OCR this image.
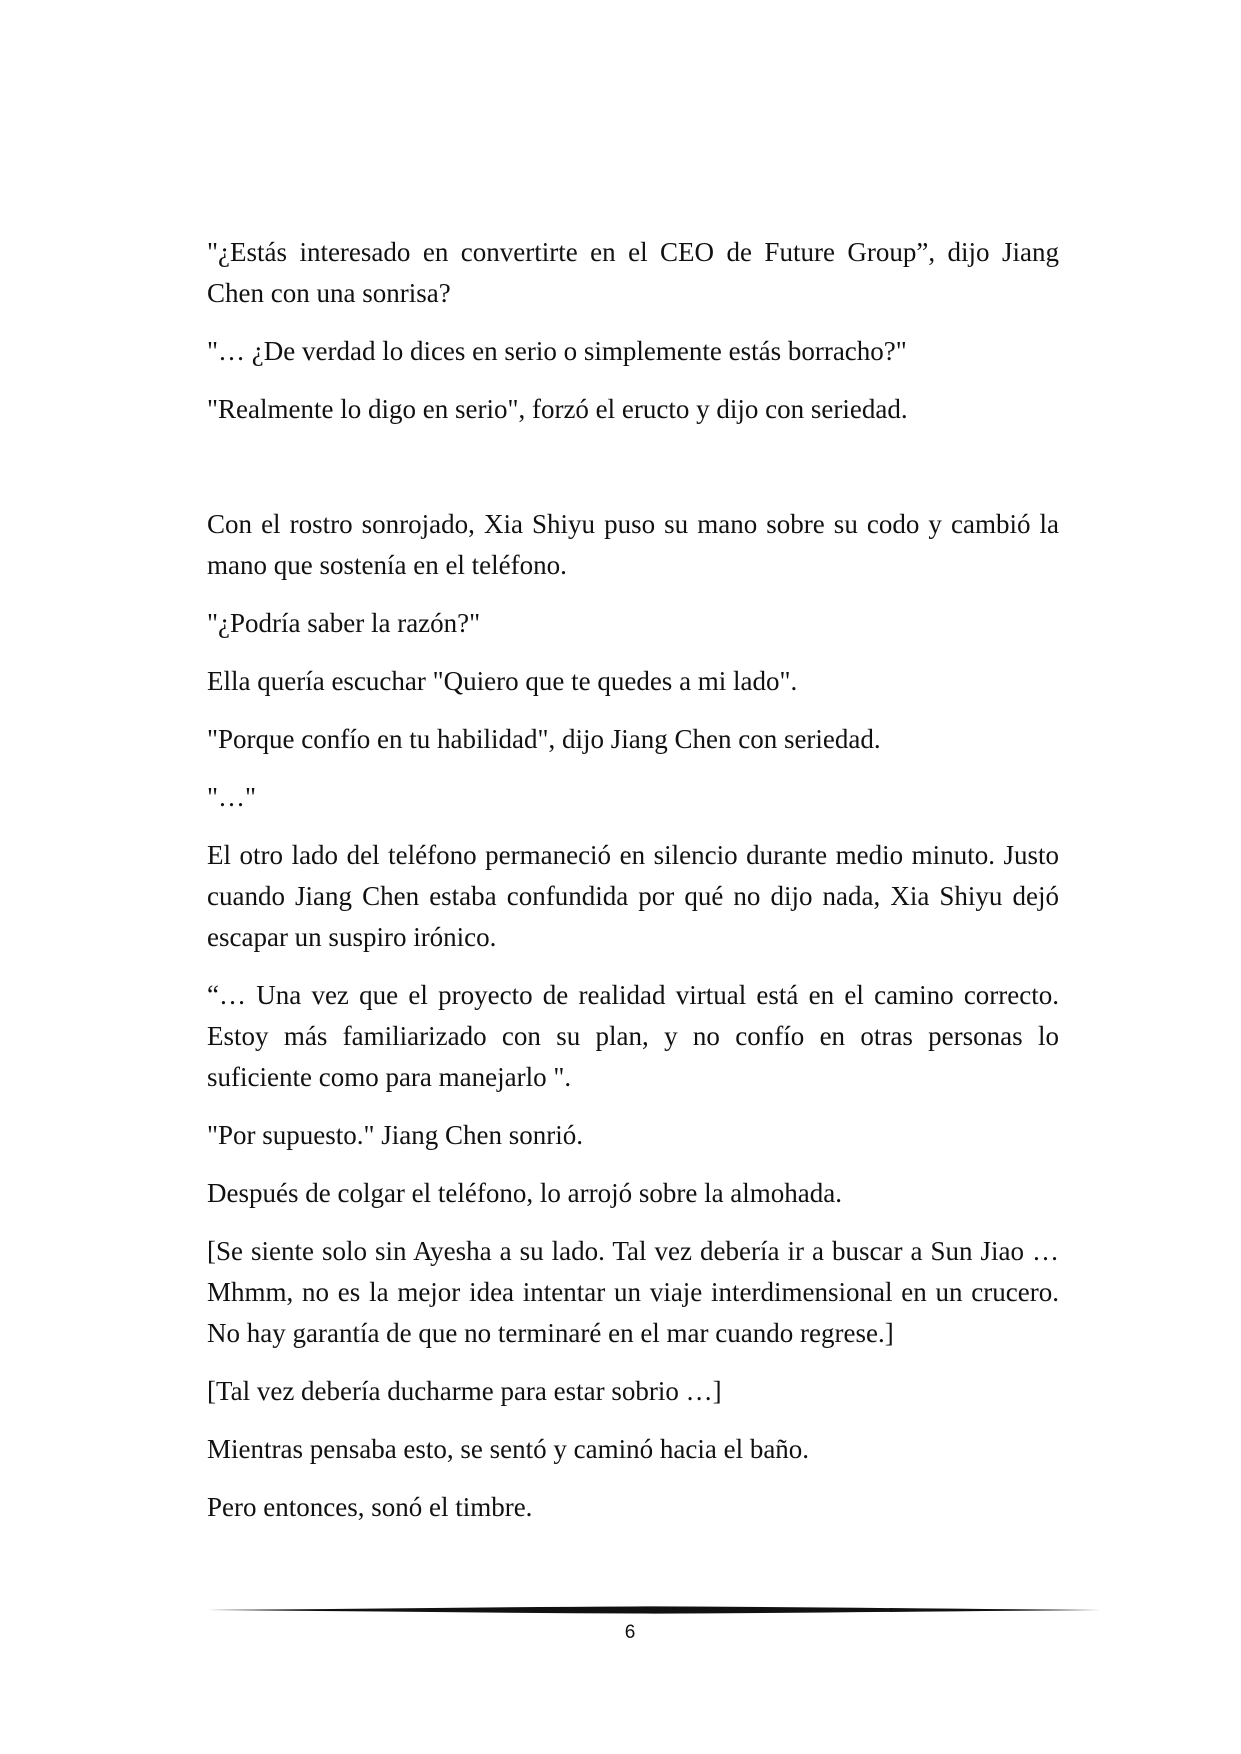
"¿Estás interesado en convertirte en el CEO de Future Group”, dijo Jiang Chen con una sonrisa?

"… ¿De verdad lo dices en serio o simplemente estás borracho?"

"Realmente lo digo en serio", forzó el eructo y dijo con seriedad.

Con el rostro sonrojado, Xia Shiyu puso su mano sobre su codo y cambió la mano que sostenía en el teléfono.

"¿Podría saber la razón?"

Ella quería escuchar "Quiero que te quedes a mi lado".

"Porque confío en tu habilidad", dijo Jiang Chen con seriedad.

"…"

El otro lado del teléfono permaneció en silencio durante medio minuto. Justo cuando Jiang Chen estaba confundida por qué no dijo nada, Xia Shiyu dejó escapar un suspiro irónico.

“… Una vez que el proyecto de realidad virtual está en el camino correcto. Estoy más familiarizado con su plan, y no confío en otras personas lo suficiente como para manejarlo ".

"Por supuesto." Jiang Chen sonrió.

Después de colgar el teléfono, lo arrojó sobre la almohada.

[Se siente solo sin Ayesha a su lado. Tal vez debería ir a buscar a Sun Jiao … Mhmm, no es la mejor idea intentar un viaje interdimensional en un crucero. No hay garantía de que no terminaré en el mar cuando regrese.]

[Tal vez debería ducharme para estar sobrio …]

Mientras pensaba esto, se sentó y caminó hacia el baño.

Pero entonces, sonó el timbre.

6
